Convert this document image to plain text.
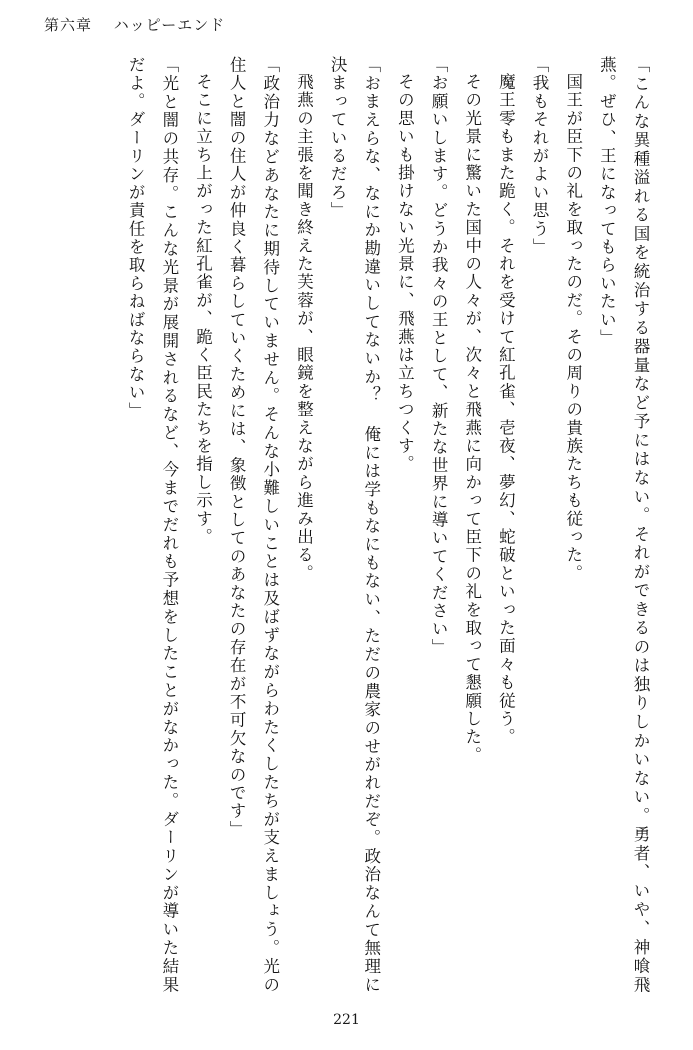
第六章 ハッピーエンド

「こんな異種溢れる国を統治する器量など予にはない。それができるのは独りしかいない。勇者、いや、神喰飛燕。ぜひ、王になってもらいたい」

国王が臣下の礼を取ったのだ。その周りの貴族たちも従った。

「我もそれがよい思う」

魔王零もまた跪く。それを受けて紅孔雀、壱夜、夢幻、蛇破といった面々も従う。

その光景に驚いた国中の人々が、次々と飛燕に向かって臣下の礼を取って懇願した。

「お願いします。どうか我々の王として、新たな世界に導いてください」

その思いも掛けない光景に、飛燕は立ちつくす。

「おまえらな、なにか勘違いしてないか？ 俺には学もなにもない、ただの農家のせがれだぞ。政治なんて無理に決まっているだろ」

飛燕の主張を聞き終えた芙蓉が、眼鏡を整えながら進み出る。

「政治力などあなたに期待していません。そんな小難しいことは及ばずながらわたくしたちが支えましょう。光の住人と闇の住人が仲良く暮らしていくためには、象徴としてのあなたの存在が不可欠なのです」

そこに立ち上がった紅孔雀が、跪く臣民たちを指し示す。

「光と闇の共存。こんな光景が展開されるなど、今までだれも予想をしたことがなかった。ダーリンが導いた結果だよ。ダーリンが責任を取らねばならない」

221
